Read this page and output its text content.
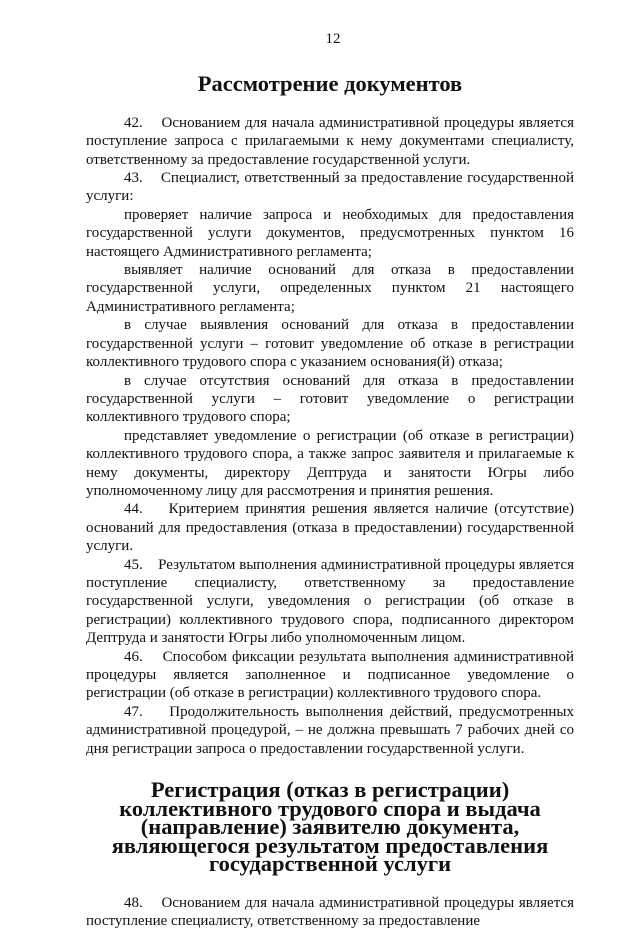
12
Рассмотрение документов

42.    Основанием для начала административной процедуры является поступление запроса с прилагаемыми к нему документами специалисту, ответственному за предоставление государственной услуги.

43.    Специалист, ответственный за предоставление государственной услуги:

проверяет наличие запроса и необходимых для предоставления государственной услуги документов, предусмотренных пунктом 16 настоящего Административного регламента;

выявляет наличие оснований для отказа в предоставлении государственной услуги, определенных пунктом 21 настоящего Административного регламента;

в случае выявления оснований для отказа в предоставлении государственной услуги – готовит уведомление об отказе в регистрации коллективного трудового спора с указанием основания(й) отказа;

в случае отсутствия оснований для отказа в предоставлении государственной услуги – готовит уведомление о регистрации коллективного трудового спора;

представляет уведомление о регистрации (об отказе в регистрации) коллективного трудового спора, а также запрос заявителя и прилагаемые к нему документы, директору Дептруда и занятости Югры либо уполномоченному лицу для рассмотрения и принятия решения.

44.    Критерием принятия решения является наличие (отсутствие) оснований для предоставления (отказа в предоставлении) государственной услуги.

45.    Результатом выполнения административной процедуры является поступление специалисту, ответственному за предоставление государственной услуги, уведомления о регистрации (об отказе в регистрации) коллективного трудового спора, подписанного директором Дептруда и занятости Югры либо уполномоченным лицом.

46.    Способом фиксации результата выполнения административной процедуры является заполненное и подписанное уведомление о регистрации (об отказе в регистрации) коллективного трудового спора.

47.    Продолжительность выполнения действий, предусмотренных административной процедурой, – не должна превышать 7 рабочих дней со дня регистрации запроса о предоставлении государственной услуги.

Регистрация (отказ в регистрации) коллективного трудового спора и выдача (направление) заявителю документа, являющегося результатом предоставления государственной услуги

48.    Основанием для начала административной процедуры является поступление специалисту, ответственному за предоставление
